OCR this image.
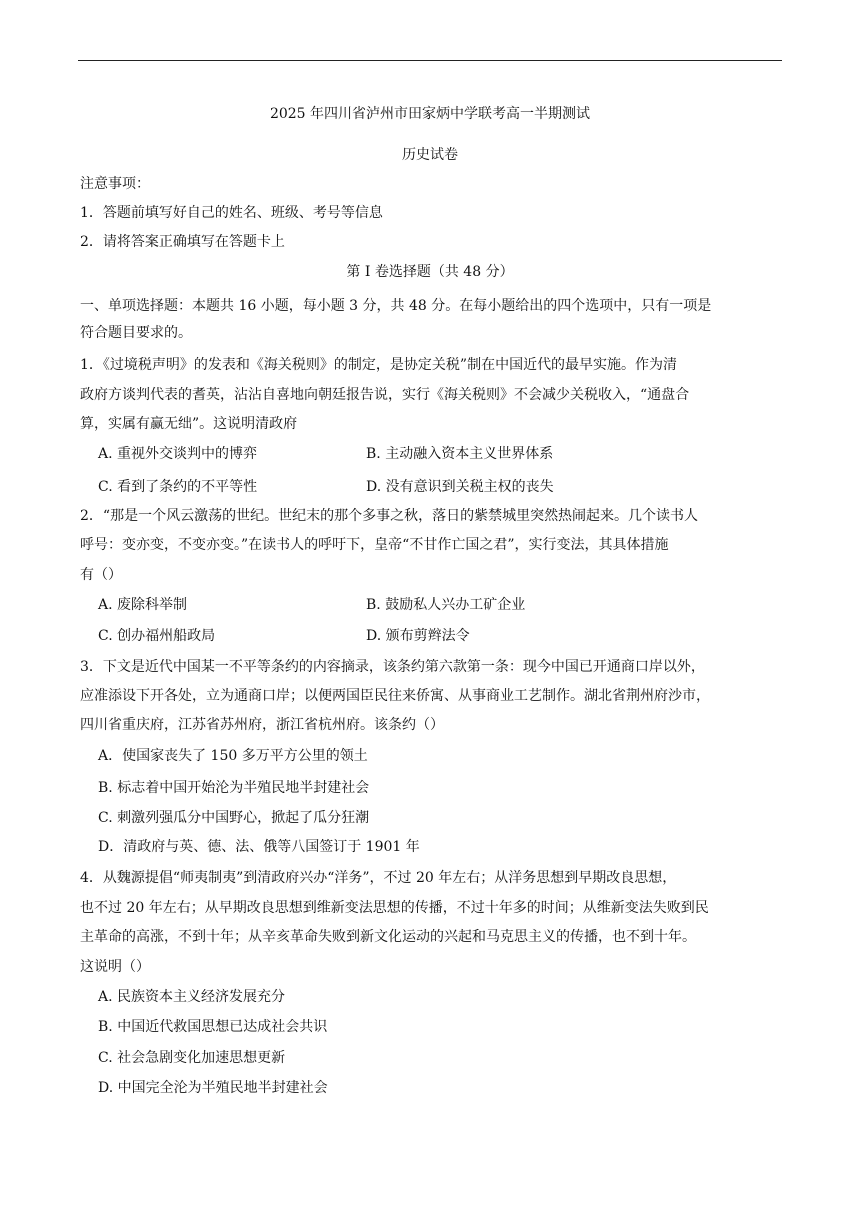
2025 年四川省泸州市田家炳中学联考高一半期测试
历史试卷
注意事项：
1．答题前填写好自己的姓名、班级、考号等信息
2．请将答案正确填写在答题卡上
第 I 卷选择题（共 48 分）
一、单项选择题：本题共 16 小题，每小题 3 分，共 48 分。在每小题给出的四个选项中，只有一项是
符合题目要求的。
1．《过境税声明》的发表和《海关税则》的制定，是协定关税”制在中国近代的最早实施。作为清
政府方谈判代表的耆英，沾沾自喜地向朝廷报告说，实行《海关税则》不会减少关税收入，“通盘合
算，实属有赢无绌”。这说明清政府
A. 重视外交谈判中的博弈	B. 主动融入资本主义世界体系
C. 看到了条约的不平等性	D. 没有意识到关税主权的丧失
2．“那是一个风云激荡的世纪。世纪末的那个多事之秋，落日的紫禁城里突然热闹起来。几个读书人
呼号：变亦变，不变亦变。”在读书人的呼吁下，皇帝“不甘作亡国之君”，实行变法，其具体措施
有（）
A. 废除科举制	B. 鼓励私人兴办工矿企业
C. 创办福州船政局	D. 颁布剪辫法令
3．下文是近代中国某一不平等条约的内容摘录，该条约第六款第一条：现今中国已开通商口岸以外，
应准添设下开各处，立为通商口岸；以便两国臣民往来侨寓、从事商业工艺制作。湖北省荆州府沙市，
四川省重庆府，江苏省苏州府，浙江省杭州府。该条约（）
A．使国家丧失了 150 多万平方公里的领土
B. 标志着中国开始沦为半殖民地半封建社会
C. 刺激列强瓜分中国野心，掀起了瓜分狂潮
D．清政府与英、德、法、俄等八国签订于 1901 年
4．从魏源提倡“师夷制夷”到清政府兴办“洋务”，不过 20 年左右；从洋务思想到早期改良思想，
也不过 20 年左右；从早期改良思想到维新变法思想的传播，不过十年多的时间；从维新变法失败到民
主革命的高涨，不到十年；从辛亥革命失败到新文化运动的兴起和马克思主义的传播，也不到十年。
这说明（）
A. 民族资本主义经济发展充分
B. 中国近代救国思想已达成社会共识
C. 社会急剧变化加速思想更新
D. 中国完全沦为半殖民地半封建社会
